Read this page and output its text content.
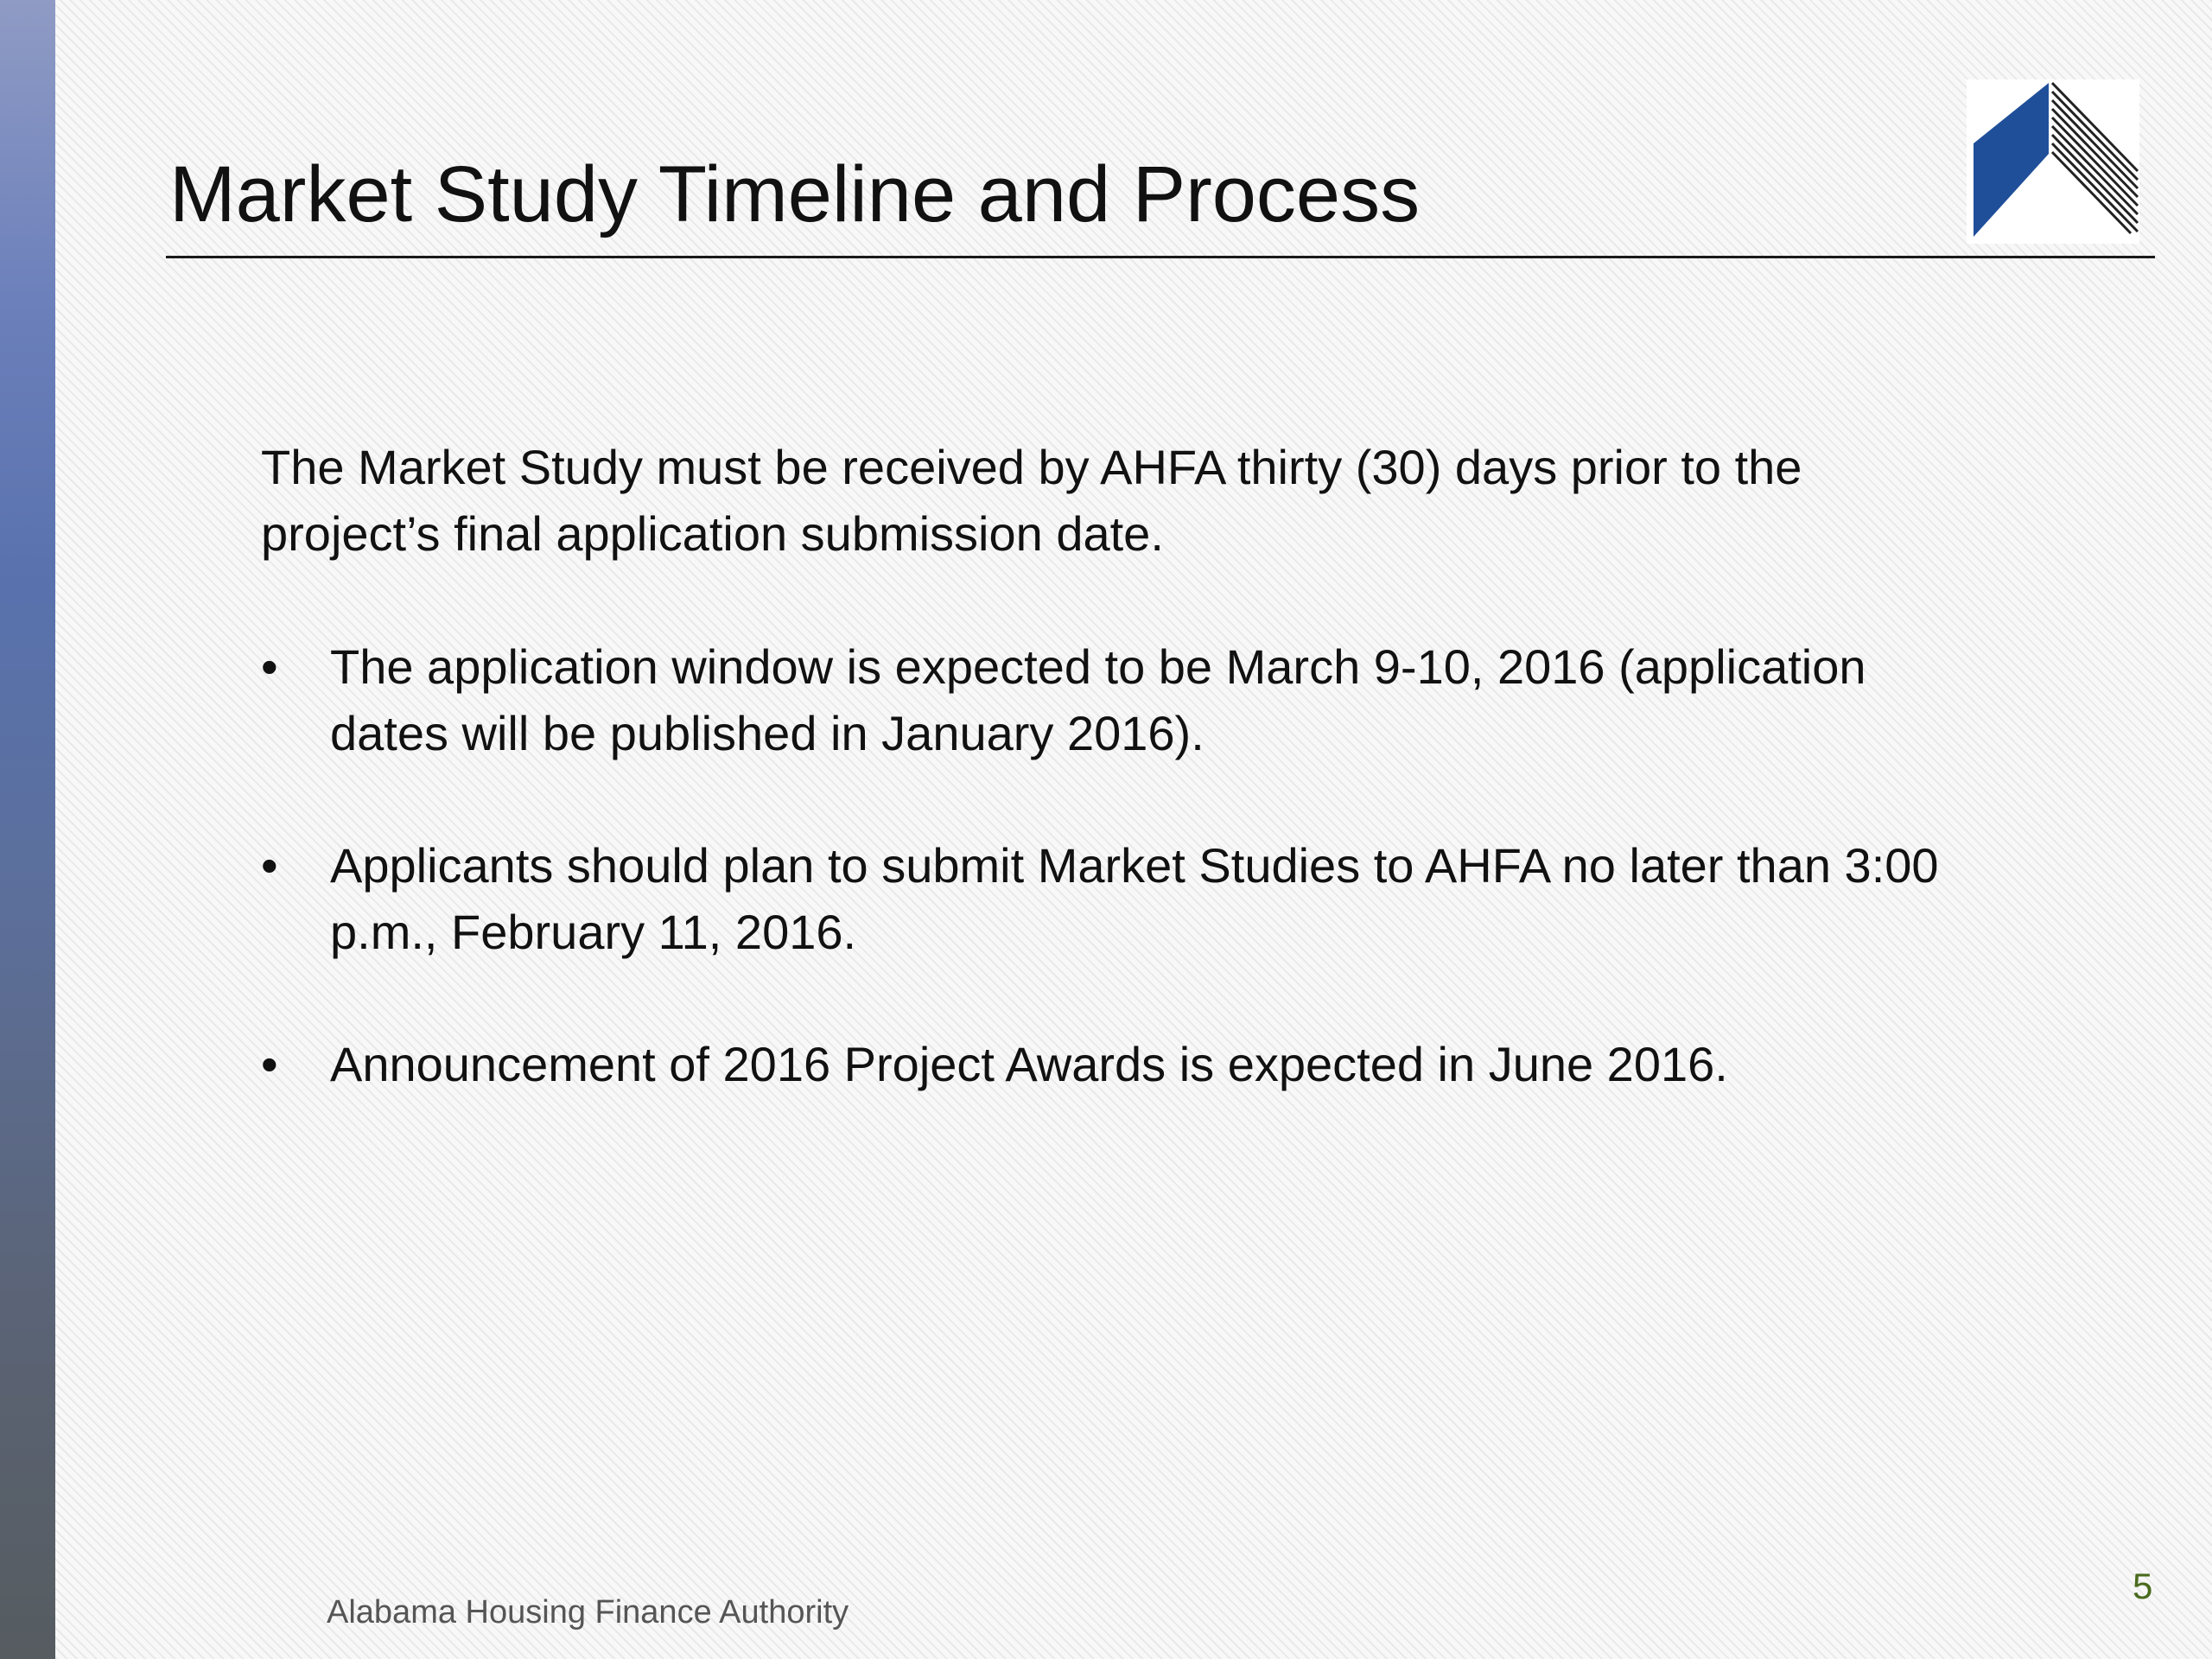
Market Study Timeline and Process

The Market Study must be received by AHFA thirty (30) days prior to the project’s final application submission date.

• The application window is expected to be March 9-10, 2016 (application dates will be published in January 2016).
• Applicants should plan to submit Market Studies to AHFA no later than 3:00 p.m., February 11, 2016.
• Announcement of 2016 Project Awards is expected in June 2016.
Alabama Housing Finance Authority
5
